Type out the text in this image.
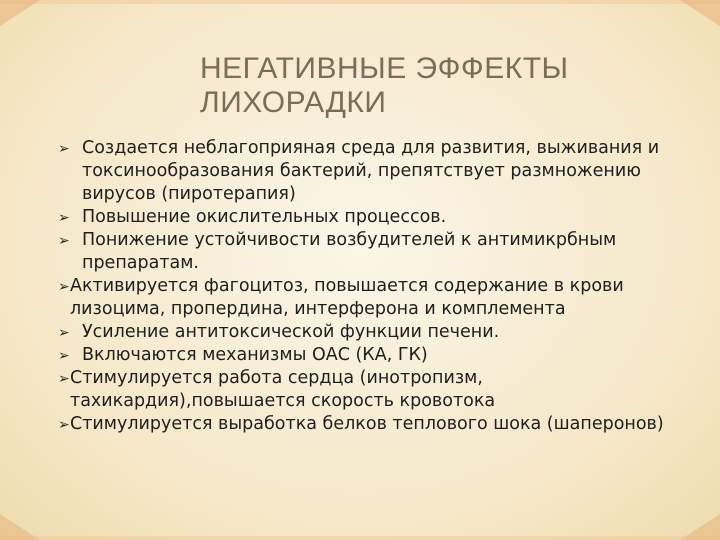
НЕГАТИВНЫЕ ЭФФЕКТЫ ЛИХОРАДКИ
➢ Создается неблагоприяная среда для развития, выживания и токсинообразования бактерий, препятствует размножению вирусов (пиротерапия)
➢ Повышение окислительных процессов.
➢ Понижение устойчивости возбудителей к антимикрбным препаратам.
➢ Активируется фагоцитоз, повышается содержание в крови лизоцима, пропердина, интерферона и комплемента
➢ Усиление антитоксической функции печени.
➢ Включаются механизмы ОАС (КА, ГК)
➢ Стимулируется работа сердца (инотропизм, тахикардия),повышается скорость кровотока
➢ Стимулируется выработка белков теплового шока (шаперонов)
